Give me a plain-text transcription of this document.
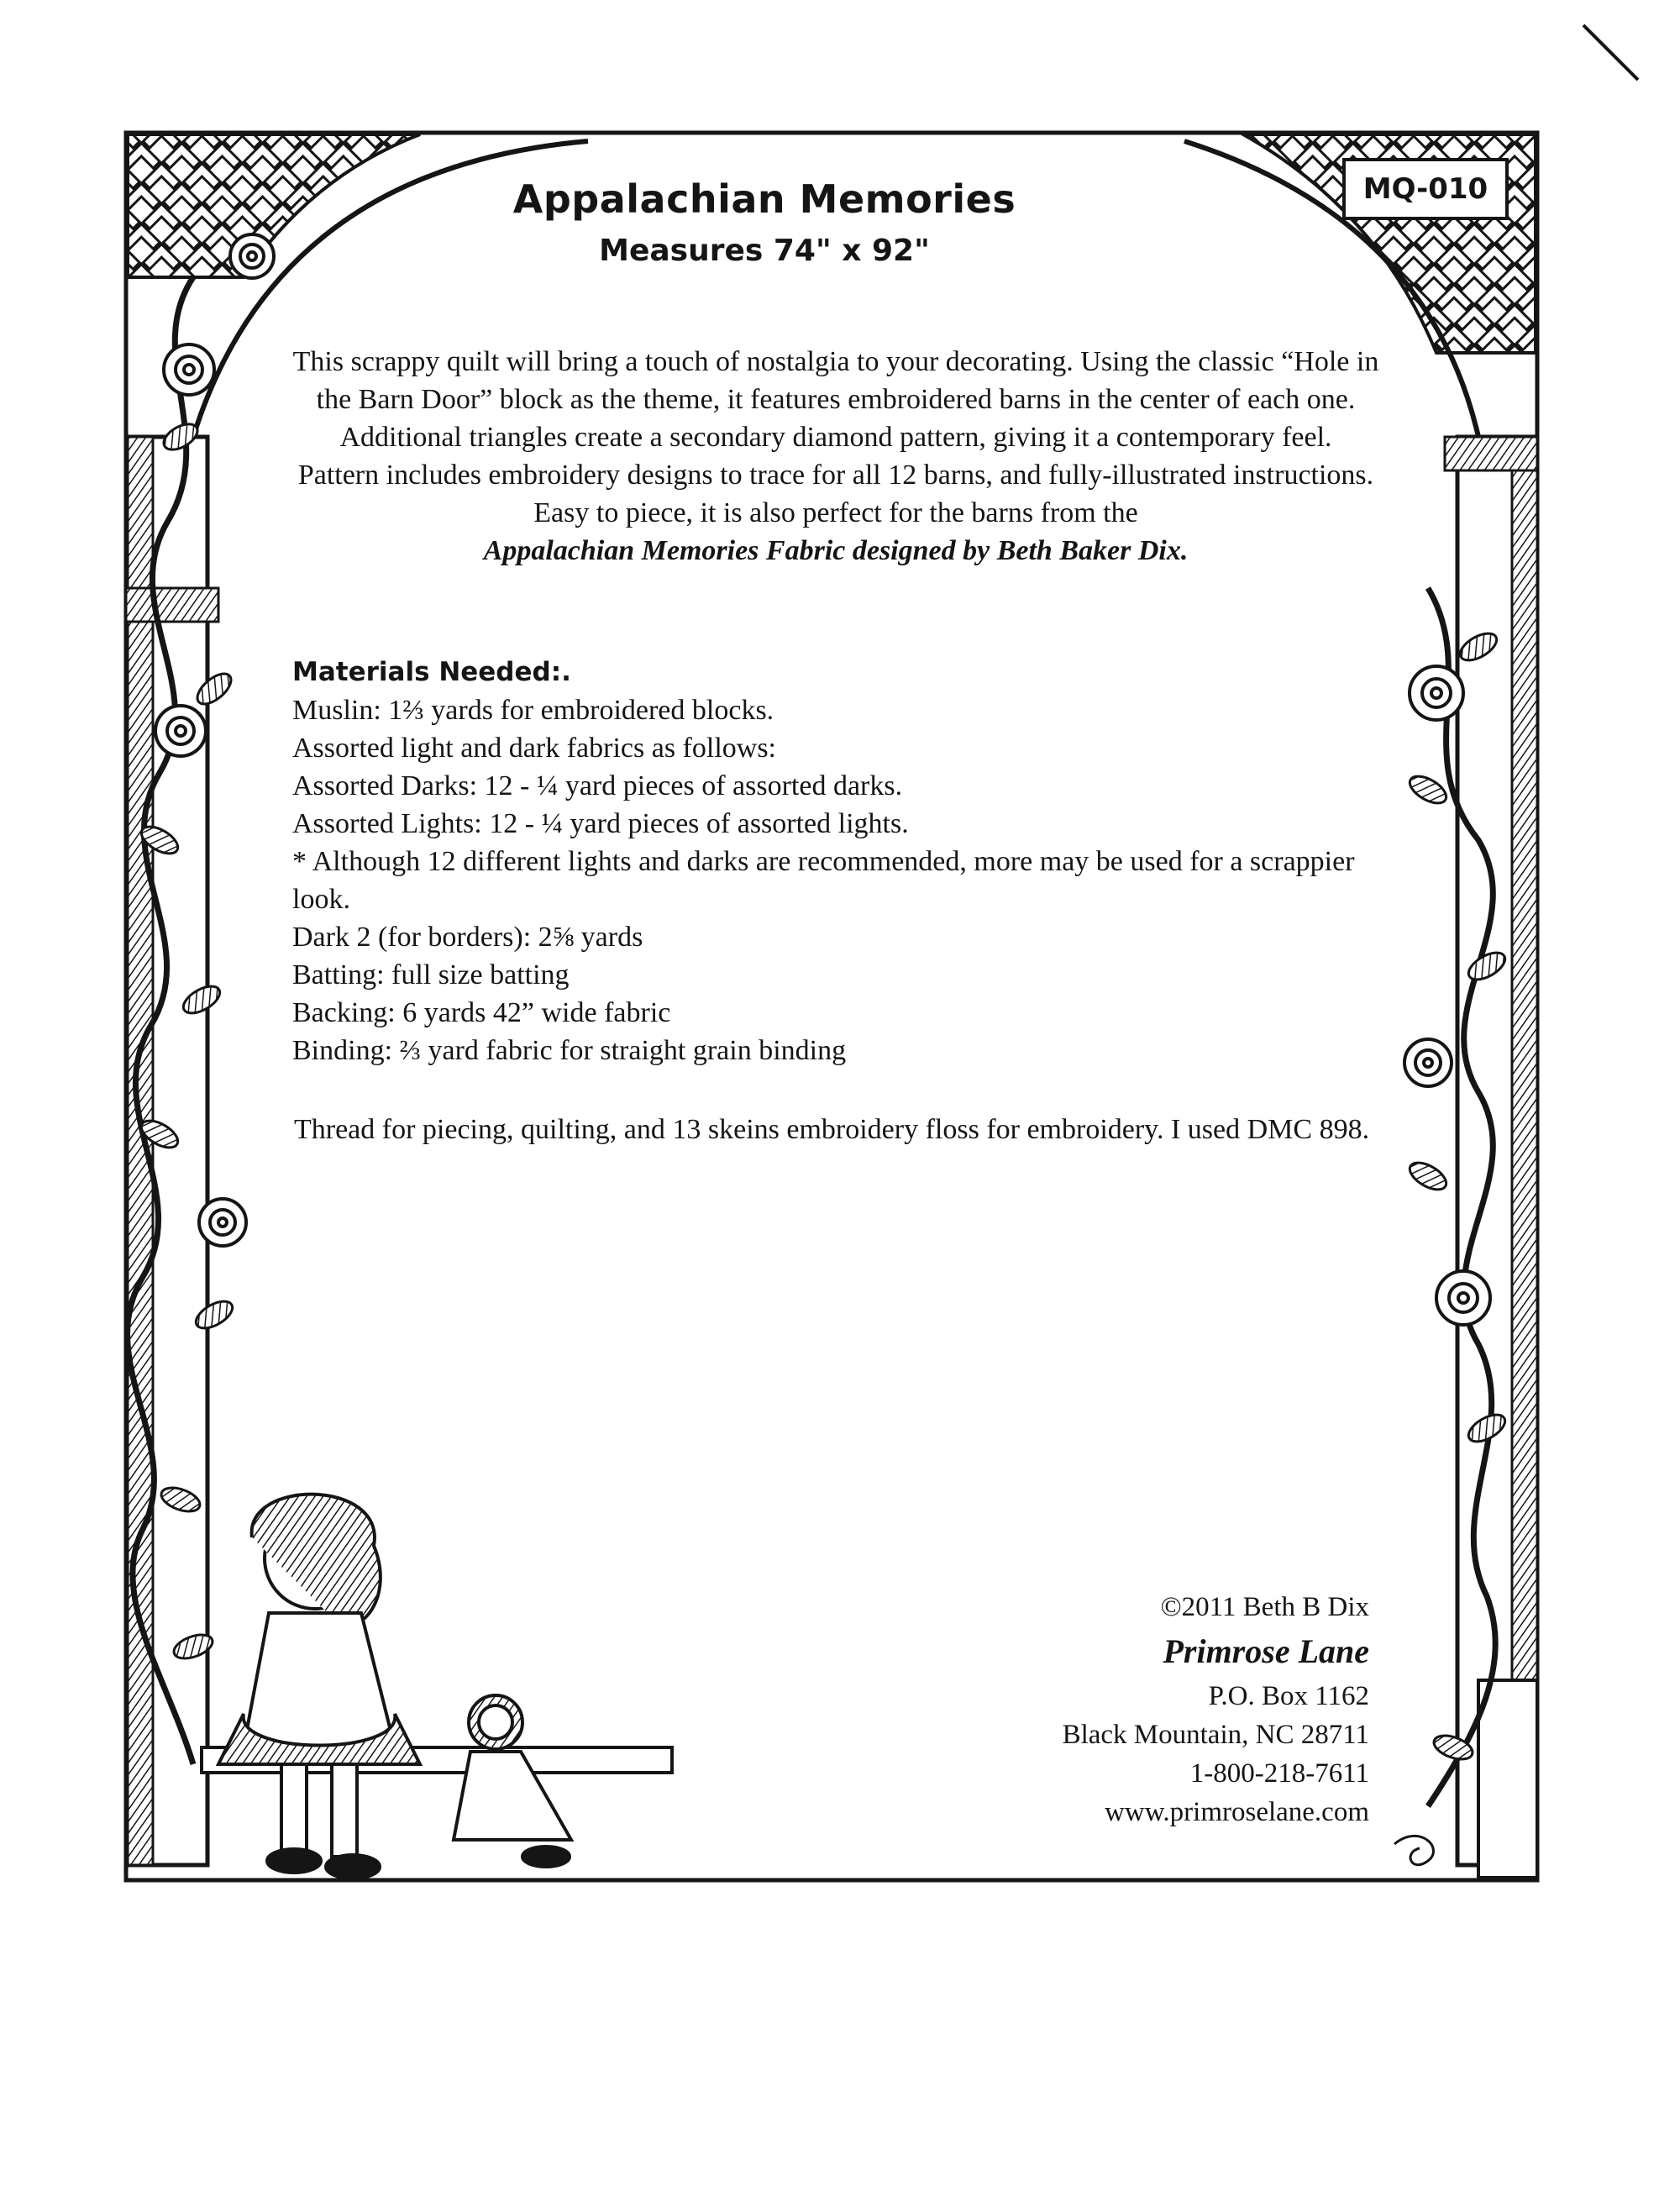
Appalachian Memories
Measures 74" x 92"
MQ-010

This scrappy quilt will bring a touch of nostalgia to your decorating. Using the classic “Hole in the Barn Door” block as the theme, it features embroidered barns in the center of each one. Additional triangles create a secondary diamond pattern, giving it a contemporary feel.

Pattern includes embroidery designs to trace for all 12 barns, and fully-illustrated instructions. Easy to piece, it is also perfect for the barns from the

Appalachian Memories Fabric designed by Beth Baker Dix.

Materials Needed:.

Muslin: 1⅔ yards for embroidered blocks.

Assorted light and dark fabrics as follows:

Assorted Darks: 12 - ¼ yard pieces of assorted darks.

Assorted Lights: 12 - ¼ yard pieces of assorted lights.

* Although 12 different lights and darks are recommended, more may be used for a scrappier look.

Dark 2 (for borders): 2⅝ yards

Batting: full size batting

Backing: 6 yards 42” wide fabric

Binding: ⅔ yard fabric for straight grain binding

Thread for piecing, quilting, and 13 skeins embroidery floss for embroidery. I used DMC 898.
©2011 Beth B Dix
Primrose Lane
P.O. Box 1162
Black Mountain, NC 28711
1-800-218-7611
www.primroselane.com
